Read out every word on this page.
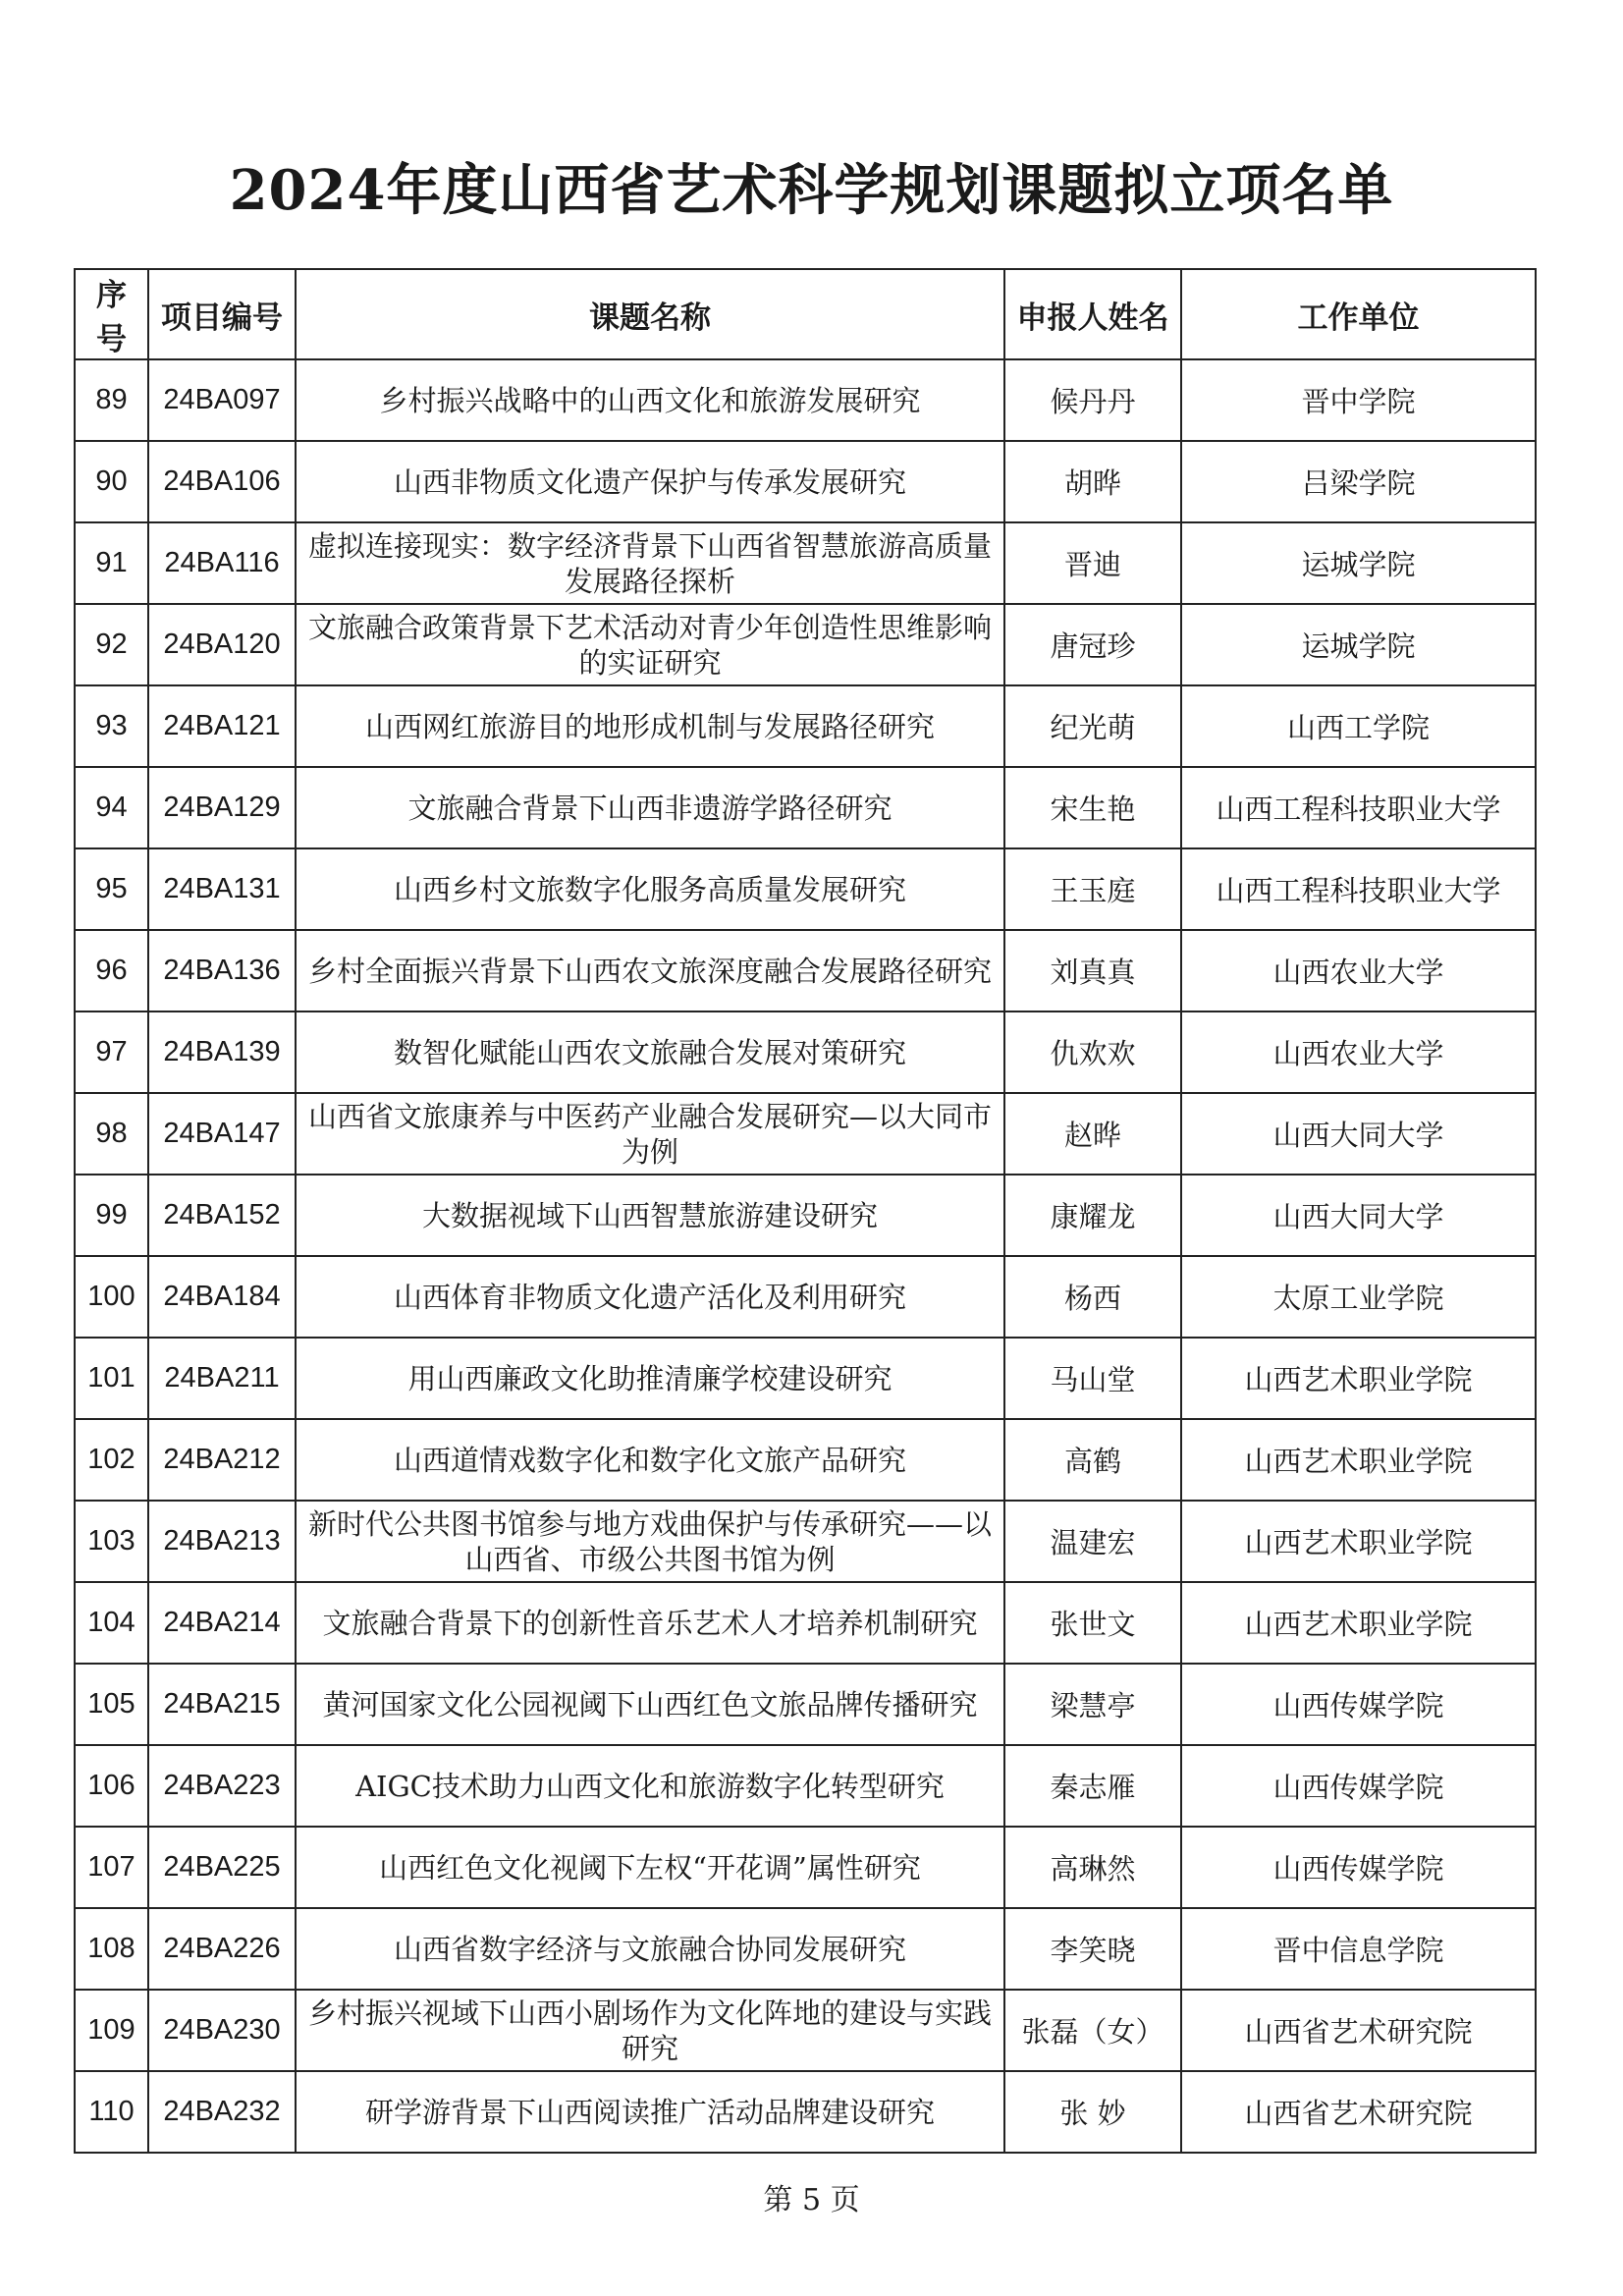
2024年度山西省艺术科学规划课题拟立项名单
序号	项目编号	课题名称	申报人姓名	工作单位
89	24BA097	乡村振兴战略中的山西文化和旅游发展研究	候丹丹	晋中学院
90	24BA106	山西非物质文化遗产保护与传承发展研究	胡晔	吕梁学院
91	24BA116	虚拟连接现实：数字经济背景下山西省智慧旅游高质量发展路径探析	晋迪	运城学院
92	24BA120	文旅融合政策背景下艺术活动对青少年创造性思维影响的实证研究	唐冠珍	运城学院
93	24BA121	山西网红旅游目的地形成机制与发展路径研究	纪光萌	山西工学院
94	24BA129	文旅融合背景下山西非遗游学路径研究	宋生艳	山西工程科技职业大学
95	24BA131	山西乡村文旅数字化服务高质量发展研究	王玉庭	山西工程科技职业大学
96	24BA136	乡村全面振兴背景下山西农文旅深度融合发展路径研究	刘真真	山西农业大学
97	24BA139	数智化赋能山西农文旅融合发展对策研究	仇欢欢	山西农业大学
98	24BA147	山西省文旅康养与中医药产业融合发展研究—以大同市为例	赵晔	山西大同大学
99	24BA152	大数据视域下山西智慧旅游建设研究	康耀龙	山西大同大学
100	24BA184	山西体育非物质文化遗产活化及利用研究	杨西	太原工业学院
101	24BA211	用山西廉政文化助推清廉学校建设研究	马山堂	山西艺术职业学院
102	24BA212	山西道情戏数字化和数字化文旅产品研究	高鹤	山西艺术职业学院
103	24BA213	新时代公共图书馆参与地方戏曲保护与传承研究——以山西省、市级公共图书馆为例	温建宏	山西艺术职业学院
104	24BA214	文旅融合背景下的创新性音乐艺术人才培养机制研究	张世文	山西艺术职业学院
105	24BA215	黄河国家文化公园视阈下山西红色文旅品牌传播研究	梁慧亭	山西传媒学院
106	24BA223	AIGC技术助力山西文化和旅游数字化转型研究	秦志雁	山西传媒学院
107	24BA225	山西红色文化视阈下左权“开花调”属性研究	高琳然	山西传媒学院
108	24BA226	山西省数字经济与文旅融合协同发展研究	李笑晓	晋中信息学院
109	24BA230	乡村振兴视域下山西小剧场作为文化阵地的建设与实践研究	张磊（女）	山西省艺术研究院
110	24BA232	研学游背景下山西阅读推广活动品牌建设研究	张 妙	山西省艺术研究院
第 5 页
